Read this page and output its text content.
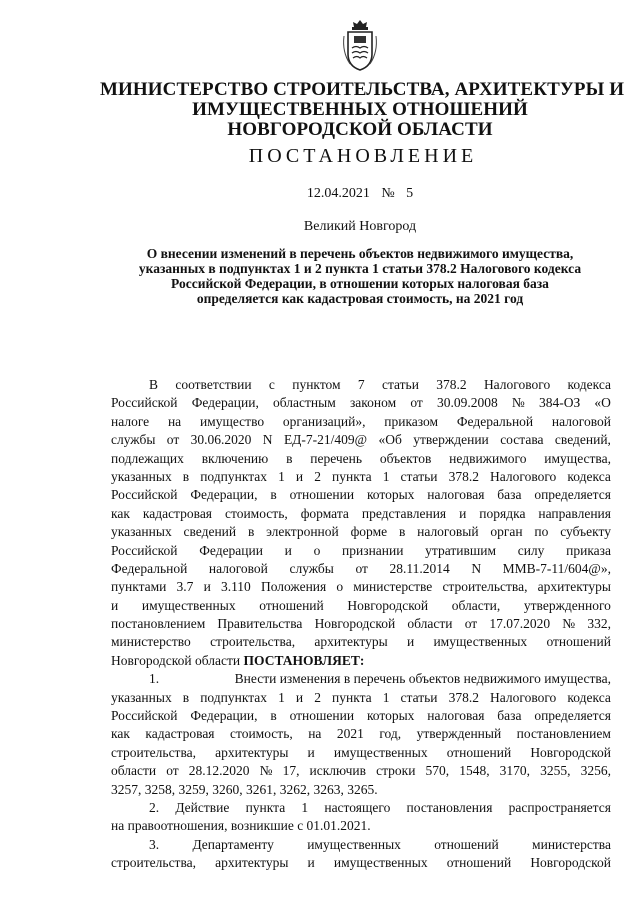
МИНИСТЕРСТВО СТРОИТЕЛЬСТВА, АРХИТЕКТУРЫ И
ИМУЩЕСТВЕННЫХ ОТНОШЕНИЙ
НОВГОРОДСКОЙ ОБЛАСТИ
ПОСТАНОВЛЕНИЕ
12.04.2021 № 5
Великий Новгород
О внесении изменений в перечень объектов недвижимого имущества,
указанных в подпунктах 1 и 2 пункта 1 статьи 378.2 Налогового кодекса
Российской Федерации, в отношении которых налоговая база
определяется как кадастровая стоимость, на 2021 год
В соответствии с пунктом 7 статьи 378.2 Налогового кодекса
Российской Федерации, областным законом от 30.09.2008 № 384-ОЗ «О
налоге на имущество организаций», приказом Федеральной налоговой
службы от 30.06.2020 N ЕД-7-21/409@ «Об утверждении состава сведений,
подлежащих включению в перечень объектов недвижимого имущества,
указанных в подпунктах 1 и 2 пункта 1 статьи 378.2 Налогового кодекса
Российской Федерации, в отношении которых налоговая база определяется
как кадастровая стоимость, формата представления и порядка направления
указанных сведений в электронной форме в налоговый орган по субъекту
Российской Федерации и о признании утратившим силу приказа
Федеральной налоговой службы от 28.11.2014 N ММВ-7-11/604@»,
пунктами 3.7 и 3.110 Положения о министерстве строительства, архитектуры
и имущественных отношений Новгородской области, утвержденного
постановлением Правительства Новгородской области от 17.07.2020 № 332,
министерство строительства, архитектуры и имущественных отношений
Новгородской области ПОСТАНОВЛЯЕТ:
1.	Внести изменения в перечень объектов недвижимого имущества,
указанных в подпунктах 1 и 2 пункта 1 статьи 378.2 Налогового кодекса
Российской Федерации, в отношении которых налоговая база определяется
как кадастровая стоимость, на 2021 год, утвержденный постановлением
строительства, архитектуры и имущественных отношений Новгородской
области от 28.12.2020 № 17, исключив строки 570, 1548, 3170, 3255, 3256,
3257, 3258, 3259, 3260, 3261, 3262, 3263, 3265.
2. Действие пункта 1 настоящего постановления распространяется
на правоотношения, возникшие с 01.01.2021.
3. Департаменту имущественных отношений министерства
строительства, архитектуры и имущественных отношений Новгородской
